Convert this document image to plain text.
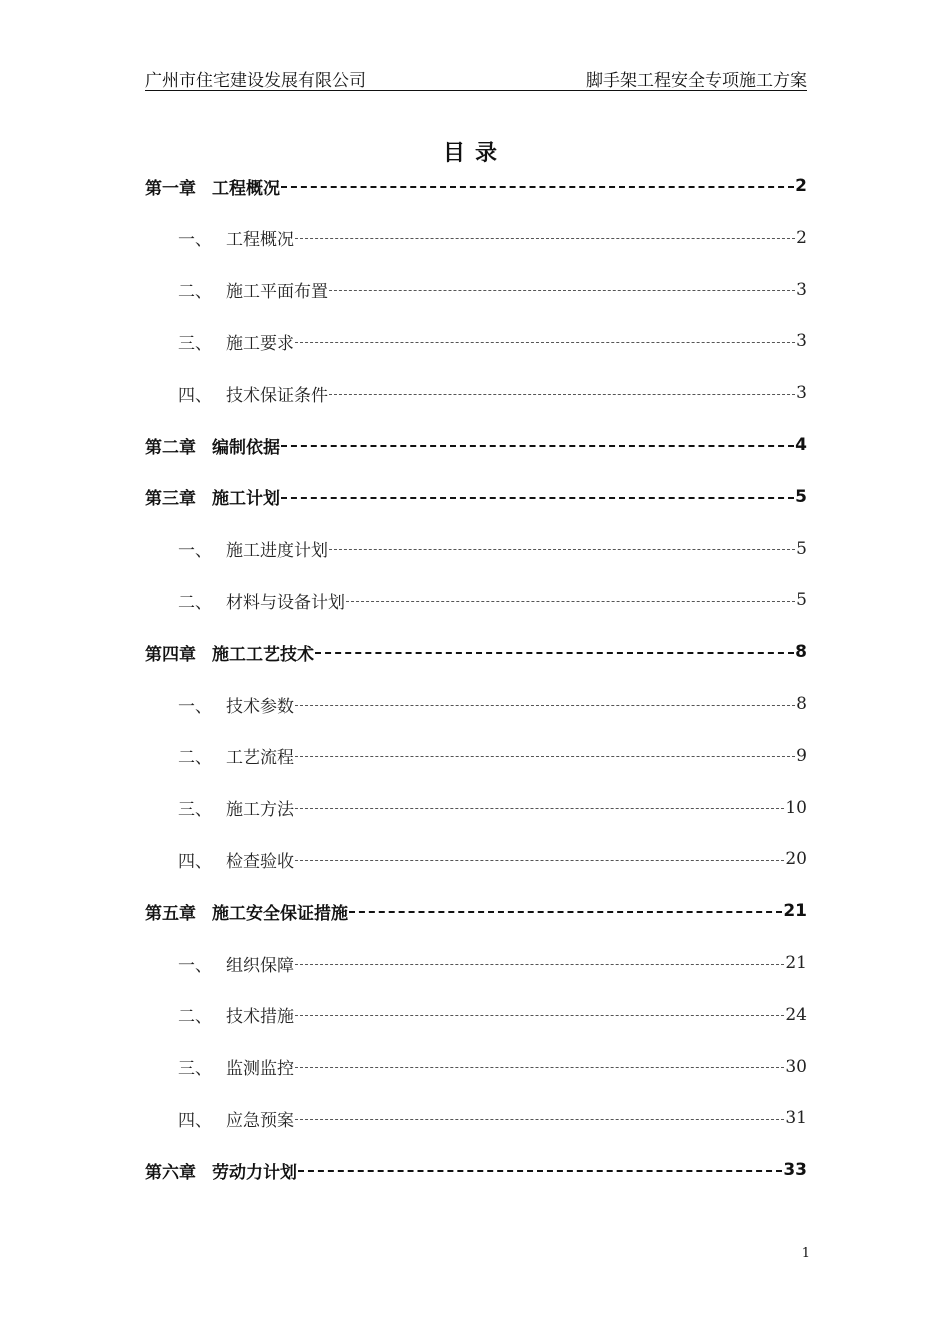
广州市住宅建设发展有限公司	脚手架工程安全专项施工方案
目录
第一章 工程概况	2
一、 工程概况	2
二、 施工平面布置	3
三、 施工要求	3
四、 技术保证条件	3
第二章 编制依据	4
第三章 施工计划	5
一、 施工进度计划	5
二、 材料与设备计划	5
第四章 施工工艺技术	8
一、 技术参数	8
二、 工艺流程	9
三、 施工方法	10
四、 检查验收	20
第五章 施工安全保证措施	21
一、 组织保障	21
二、 技术措施	24
三、 监测监控	30
四、 应急预案	31
第六章 劳动力计划	33
1
